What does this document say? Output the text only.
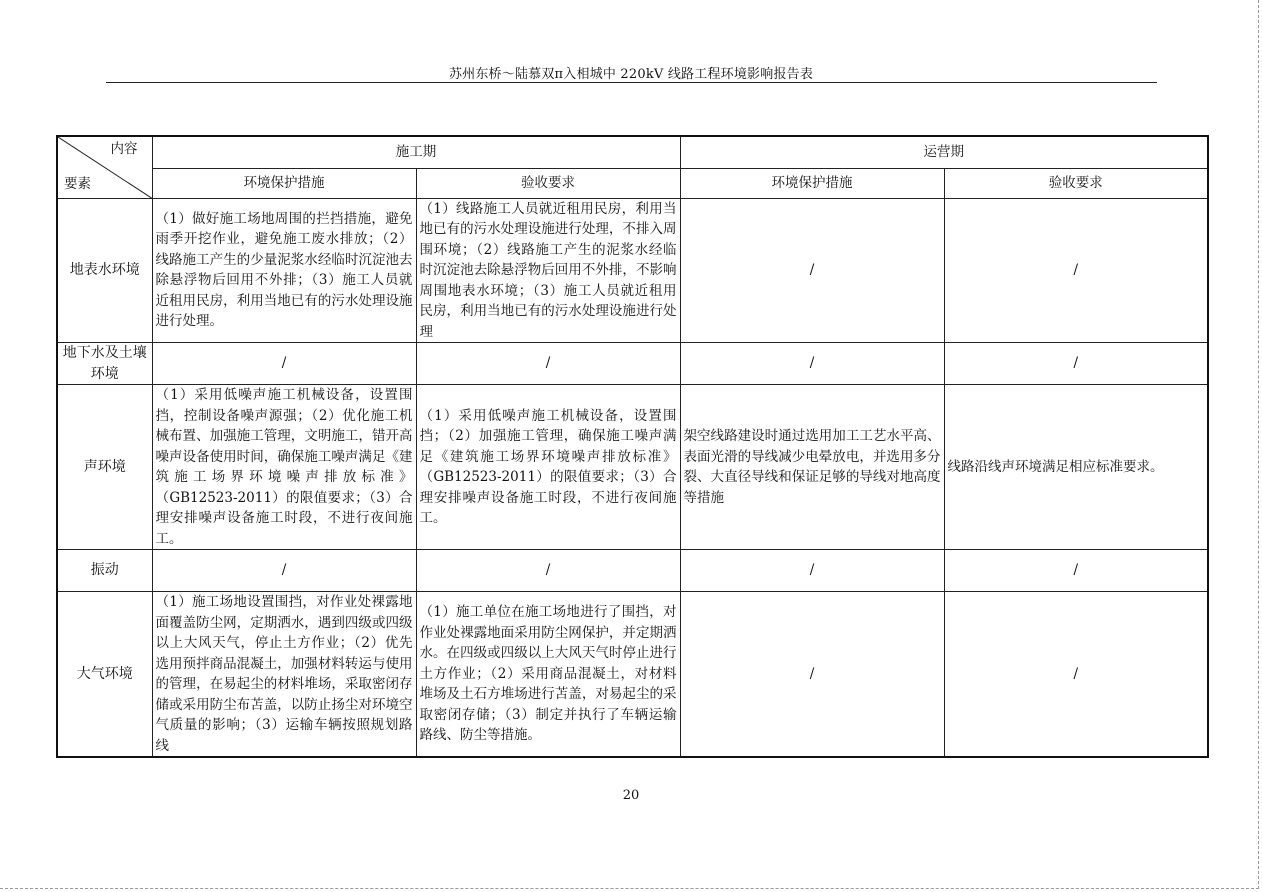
苏州东桥～陆慕双π入相城中 220kV 线路工程环境影响报告表
内容
要素	施工期		运营期	
	环境保护措施	验收要求	环境保护措施	验收要求
地表水环境	（1）做好施工场地周围的拦挡措施，避免雨季开挖作业，避免施工废水排放；（2）线路施工产生的少量泥浆水经临时沉淀池去除悬浮物后回用不外排；（3）施工人员就近租用民房，利用当地已有的污水处理设施进行处理。	（1）线路施工人员就近租用民房，利用当地已有的污水处理设施进行处理，不排入周围环境；（2）线路施工产生的泥浆水经临时沉淀池去除悬浮物后回用不外排，不影响周围地表水环境；（3）施工人员就近租用民房，利用当地已有的污水处理设施进行处理	/	/
地下水及土壤环境	/	/	/	/
声环境	（1）采用低噪声施工机械设备，设置围挡，控制设备噪声源强；（2）优化施工机械布置、加强施工管理，文明施工，错开高噪声设备使用时间，确保施工噪声满足《建筑施工场界环境噪声排放标准》（GB12523-2011）的限值要求；（3）合理安排噪声设备施工时段，不进行夜间施工。	（1）采用低噪声施工机械设备，设置围挡；（2）加强施工管理，确保施工噪声满足《建筑施工场界环境噪声排放标准》（GB12523-2011）的限值要求；（3）合理安排噪声设备施工时段，不进行夜间施工。	架空线路建设时通过选用加工工艺水平高、表面光滑的导线减少电晕放电，并选用多分裂、大直径导线和保证足够的导线对地高度等措施	线路沿线声环境满足相应标准要求。
振动	/	/	/	/
大气环境	（1）施工场地设置围挡，对作业处裸露地面覆盖防尘网，定期洒水，遇到四级或四级以上大风天气，停止土方作业；（2）优先选用预拌商品混凝土，加强材料转运与使用的管理，在易起尘的材料堆场，采取密闭存储或采用防尘布苫盖，以防止扬尘对环境空气质量的影响；（3）运输车辆按照规划路线	（1）施工单位在施工场地进行了围挡，对作业处裸露地面采用防尘网保护，并定期洒水。在四级或四级以上大风天气时停止进行土方作业；（2）采用商品混凝土，对材料堆场及土石方堆场进行苫盖，对易起尘的采取密闭存储；（3）制定并执行了车辆运输路线、防尘等措施。	/	/
20
